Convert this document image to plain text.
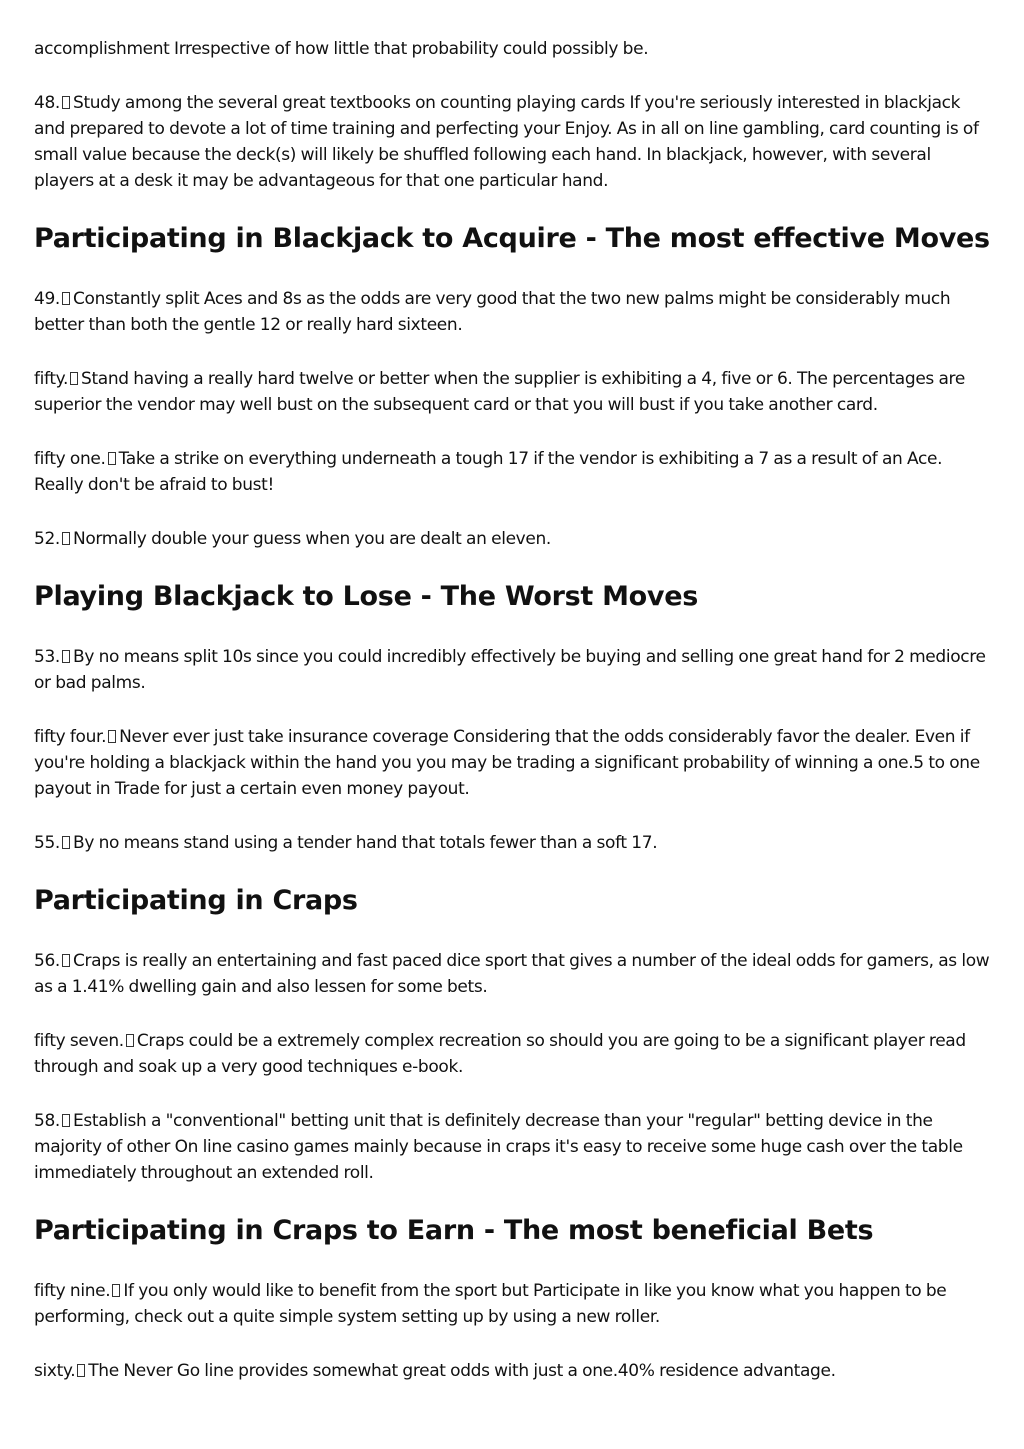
accomplishment Irrespective of how little that probability could possibly be.

48. Study among the several great textbooks on counting playing cards If you're seriously interested in blackjack and prepared to devote a lot of time training and perfecting your Enjoy. As in all on line gambling, card counting is of small value because the deck(s) will likely be shuffled following each hand. In blackjack, however, with several players at a desk it may be advantageous for that one particular hand.

Participating in Blackjack to Acquire - The most effective Moves

49. Constantly split Aces and 8s as the odds are very good that the two new palms might be considerably much better than both the gentle 12 or really hard sixteen.

fifty. Stand having a really hard twelve or better when the supplier is exhibiting a 4, five or 6. The percentages are superior the vendor may well bust on the subsequent card or that you will bust if you take another card.

fifty one. Take a strike on everything underneath a tough 17 if the vendor is exhibiting a 7 as a result of an Ace. Really don't be afraid to bust!

52. Normally double your guess when you are dealt an eleven.

Playing Blackjack to Lose - The Worst Moves

53. By no means split 10s since you could incredibly effectively be buying and selling one great hand for 2 mediocre or bad palms.

fifty four. Never ever just take insurance coverage Considering that the odds considerably favor the dealer. Even if you're holding a blackjack within the hand you you may be trading a significant probability of winning a one.5 to one payout in Trade for just a certain even money payout.

55. By no means stand using a tender hand that totals fewer than a soft 17.

Participating in Craps

56. Craps is really an entertaining and fast paced dice sport that gives a number of the ideal odds for gamers, as low as a 1.41% dwelling gain and also lessen for some bets.

fifty seven. Craps could be a extremely complex recreation so should you are going to be a significant player read through and soak up a very good techniques e-book.

58. Establish a "conventional" betting unit that is definitely decrease than your "regular" betting device in the majority of other On line casino games mainly because in craps it's easy to receive some huge cash over the table immediately throughout an extended roll.

Participating in Craps to Earn - The most beneficial Bets

fifty nine. If you only would like to benefit from the sport but Participate in like you know what you happen to be performing, check out a quite simple system setting up by using a new roller.

sixty. The Never Go line provides somewhat great odds with just a one.40% residence advantage.
